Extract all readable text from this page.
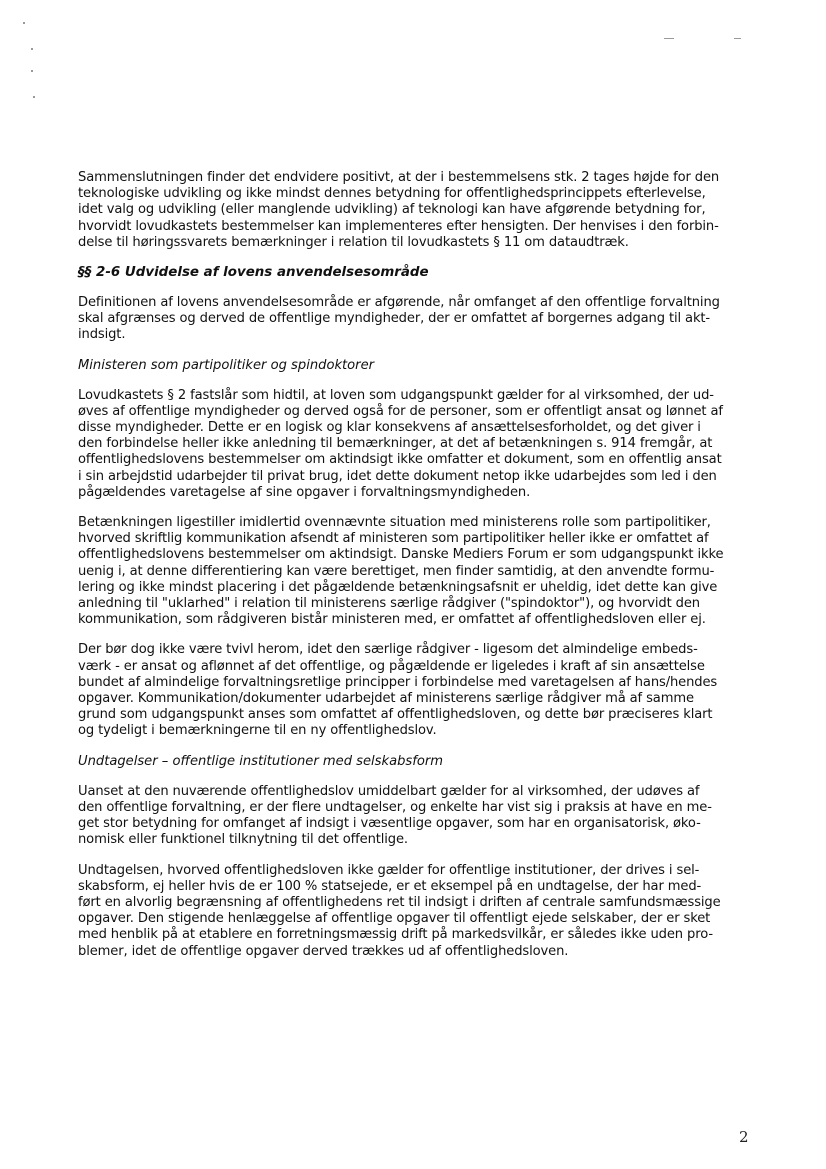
Sammenslutningen finder det endvidere positivt, at der i bestemmelsens stk. 2 tages højde for den
teknologiske udvikling og ikke mindst dennes betydning for offentlighedsprincippets efterlevelse,
idet valg og udvikling (eller manglende udvikling) af teknologi kan have afgørende betydning for,
hvorvidt lovudkastets bestemmelser kan implementeres efter hensigten. Der henvises i den forbin-
delse til høringssvarets bemærkninger i relation til lovudkastets § 11 om dataudtræk.
§§ 2-6 Udvidelse af lovens anvendelsesområde
Definitionen af lovens anvendelsesområde er afgørende, når omfanget af den offentlige forvaltning
skal afgrænses og derved de offentlige myndigheder, der er omfattet af borgernes adgang til akt-
indsigt.
Ministeren som partipolitiker og spindoktorer
Lovudkastets § 2 fastslår som hidtil, at loven som udgangspunkt gælder for al virksomhed, der ud-
øves af offentlige myndigheder og derved også for de personer, som er offentligt ansat og lønnet af
disse myndigheder. Dette er en logisk og klar konsekvens af ansættelsesforholdet, og det giver i
den forbindelse heller ikke anledning til bemærkninger, at det af betænkningen s. 914 fremgår, at
offentlighedslovens bestemmelser om aktindsigt ikke omfatter et dokument, som en offentlig ansat
i sin arbejdstid udarbejder til privat brug, idet dette dokument netop ikke udarbejdes som led i den
pågældendes varetagelse af sine opgaver i forvaltningsmyndigheden.
Betænkningen ligestiller imidlertid ovennævnte situation med ministerens rolle som partipolitiker,
hvorved skriftlig kommunikation afsendt af ministeren som partipolitiker heller ikke er omfattet af
offentlighedslovens bestemmelser om aktindsigt. Danske Mediers Forum er som udgangspunkt ikke
uenig i, at denne differentiering kan være berettiget, men finder samtidig, at den anvendte formu-
lering og ikke mindst placering i det pågældende betænkningsafsnit er uheldig, idet dette kan give
anledning til "uklarhed" i relation til ministerens særlige rådgiver ("spindoktor"), og hvorvidt den
kommunikation, som rådgiveren bistår ministeren med, er omfattet af offentlighedsloven eller ej.
Der bør dog ikke være tvivl herom, idet den særlige rådgiver - ligesom det almindelige embeds-
værk - er ansat og aflønnet af det offentlige, og pågældende er ligeledes i kraft af sin ansættelse
bundet af almindelige forvaltningsretlige principper i forbindelse med varetagelsen af hans/hendes
opgaver. Kommunikation/dokumenter udarbejdet af ministerens særlige rådgiver må af samme
grund som udgangspunkt anses som omfattet af offentlighedsloven, og dette bør præciseres klart
og tydeligt i bemærkningerne til en ny offentlighedslov.
Undtagelser – offentlige institutioner med selskabsform
Uanset at den nuværende offentlighedslov umiddelbart gælder for al virksomhed, der udøves af
den offentlige forvaltning, er der flere undtagelser, og enkelte har vist sig i praksis at have en me-
get stor betydning for omfanget af indsigt i væsentlige opgaver, som har en organisatorisk, øko-
nomisk eller funktionel tilknytning til det offentlige.
Undtagelsen, hvorved offentlighedsloven ikke gælder for offentlige institutioner, der drives i sel-
skabsform, ej heller hvis de er 100 % statsejede, er et eksempel på en undtagelse, der har med-
ført en alvorlig begrænsning af offentlighedens ret til indsigt i driften af centrale samfundsmæssige
opgaver. Den stigende henlæggelse af offentlige opgaver til offentligt ejede selskaber, der er sket
med henblik på at etablere en forretningsmæssig drift på markedsvilkår, er således ikke uden pro-
blemer, idet de offentlige opgaver derved trækkes ud af offentlighedsloven.
2
